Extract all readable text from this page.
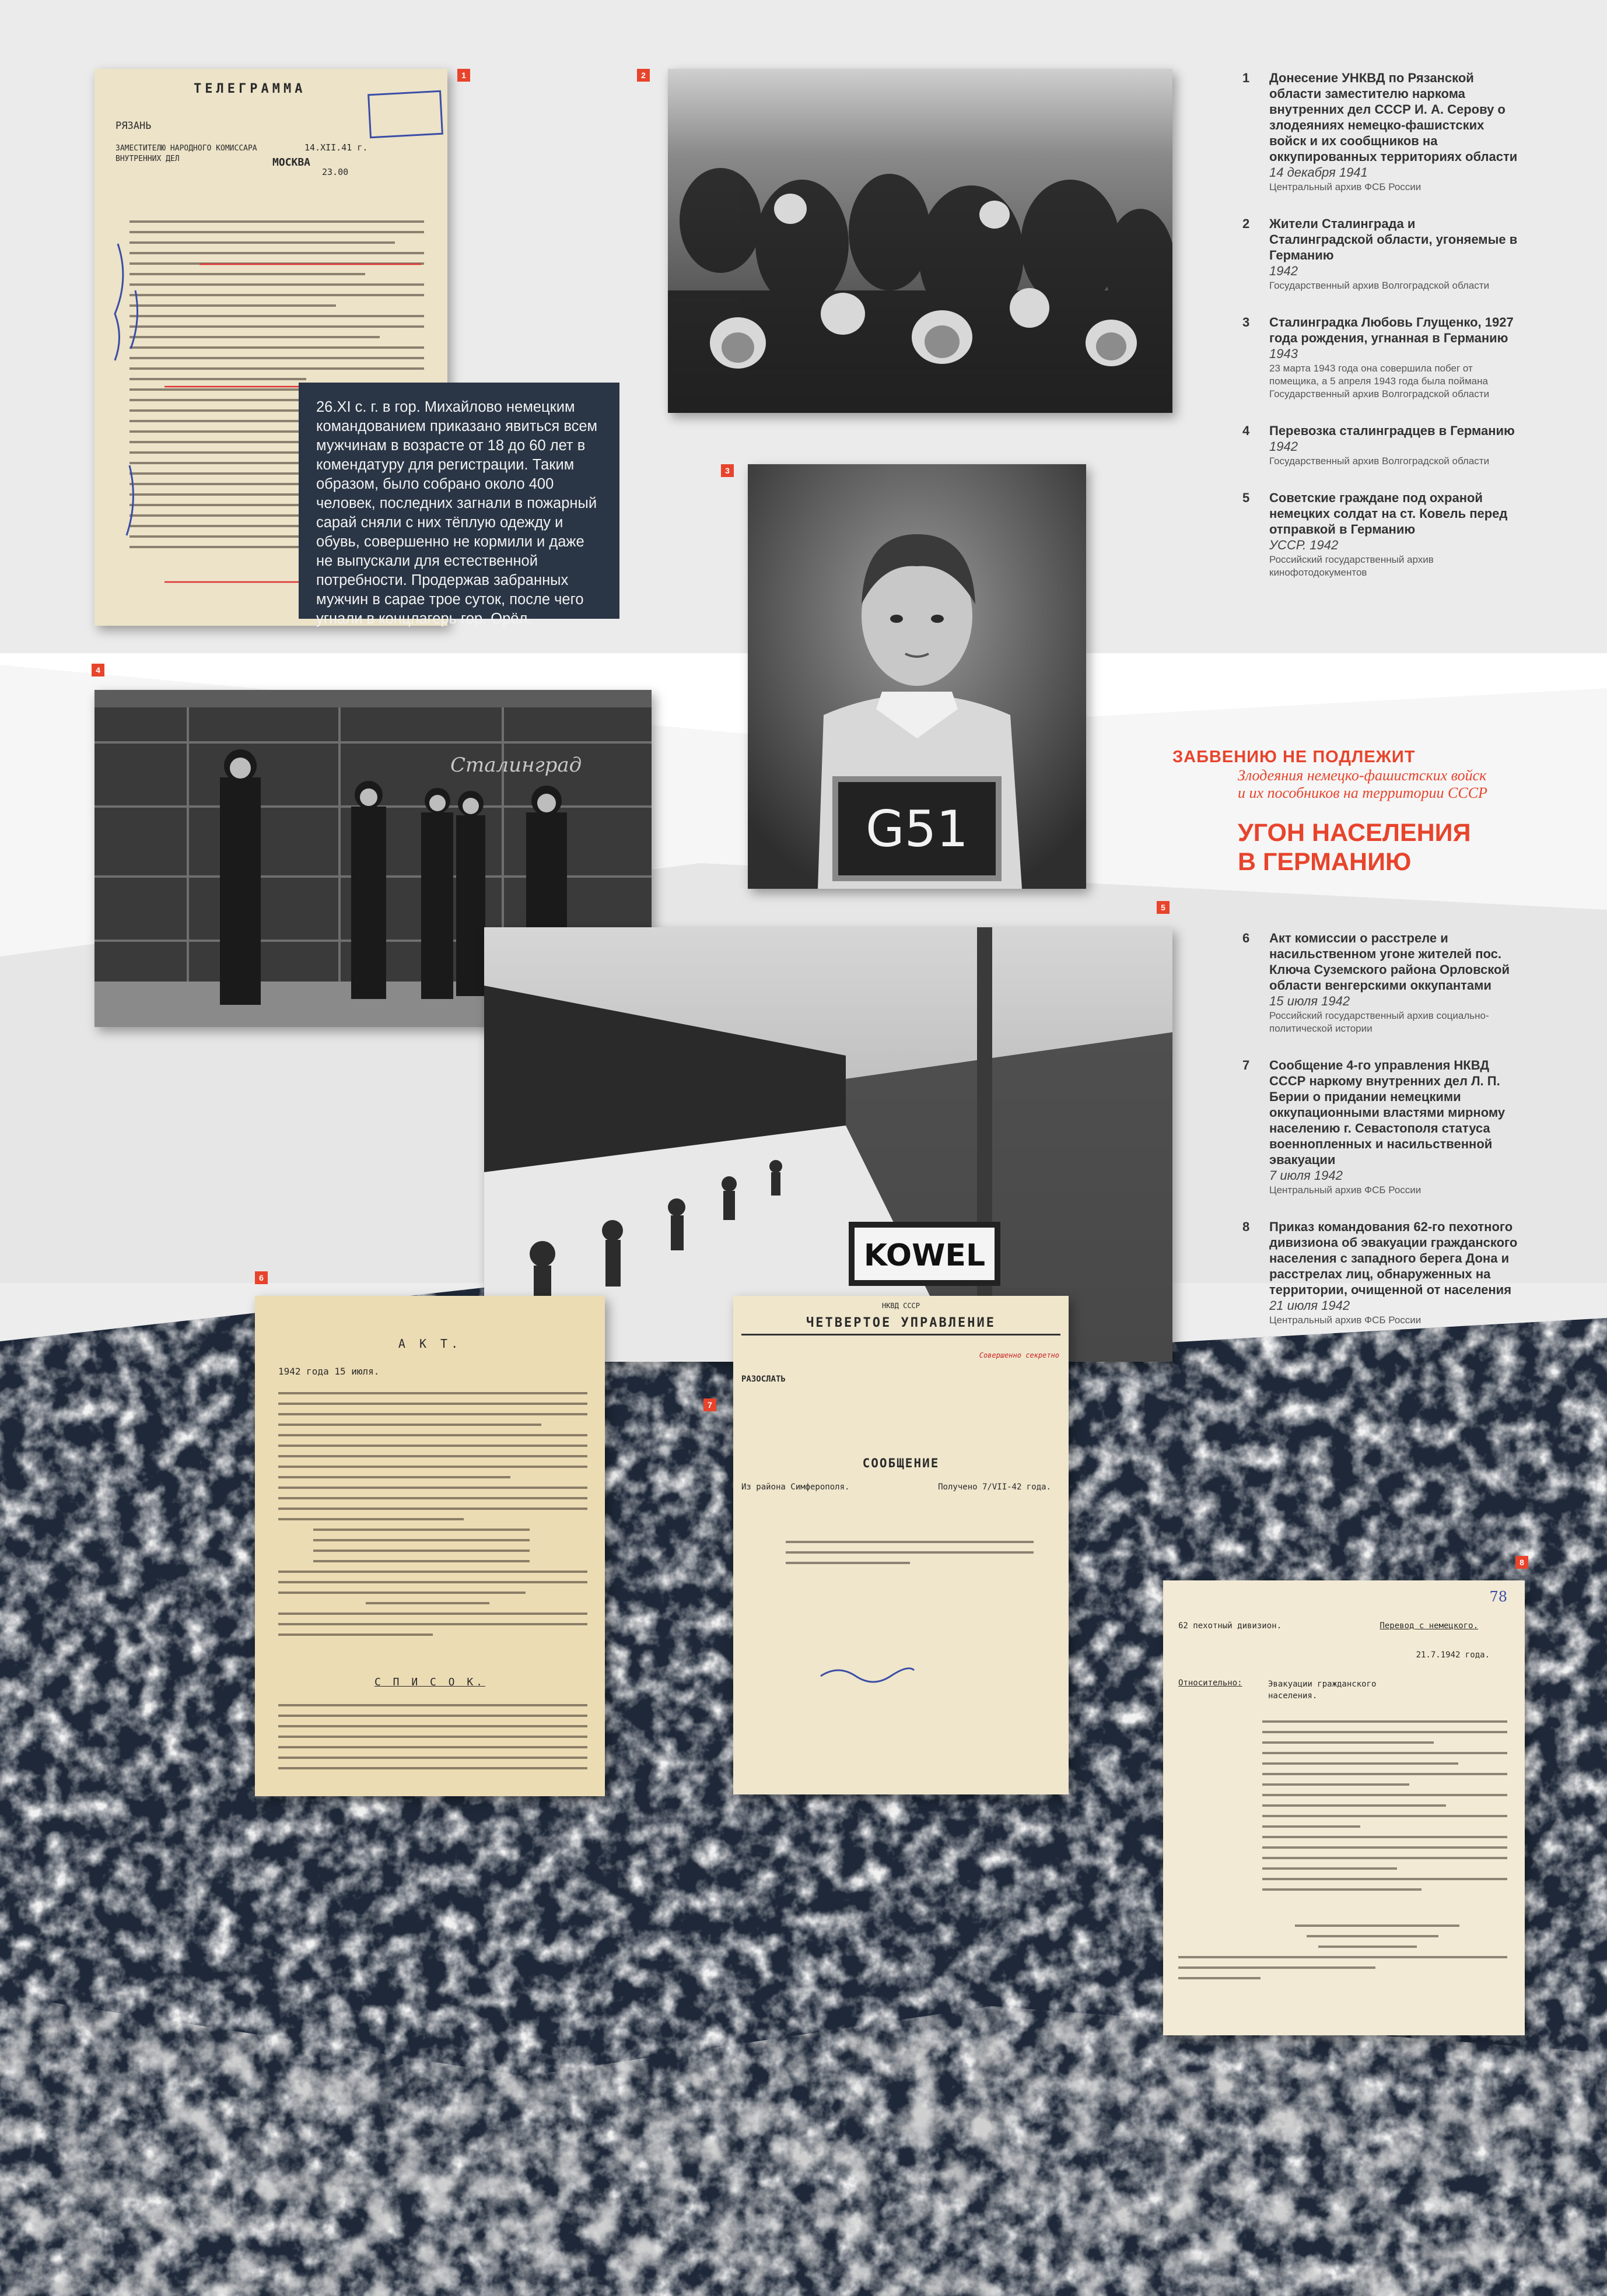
2	1	Донесение УНКВД по Рязанской области заместителю наркома внутренних дел СССР И. А. Серову о злодеяниях немецко-фашистских войск и их сообщников на оккупированных территориях области
14 декабря 1941
Центральный архив ФСБ России
2	Жители Сталинграда и Сталинградской области, угоняемые в Германию
1942
Государственный архив Волгоградской области
3	Сталинградка Любовь Глущенко, 1927 года рождения, угнанная в Германию
1943
23 марта 1943 года она совершила побег от помещика, а 5 апреля 1943 года была поймана
Государственный архив Волгоградской области
4	Перевозка сталинградцев в Германию
1942
Государственный архив Волгоградской области
5	Советские граждане под охраной немецких солдат на ст. Ковель перед отправкой в Германию
УССР. 1942
Российский государственный архив кинофотодокументов
ТЕЛЕГРАММА
РЯЗАНЬ
МОСКВА
14.XII.41 г.
23.00
ЗАМЕСТИТЕЛЮ НАРОДНОГО КОМИССАРА ВНУТРЕННИХ ДЕЛ
1
26.XI с. г. в гор. Михайлово немецким командованием приказано явиться всем мужчинам в возрасте от 18 до 60 лет в комендатуру для регистрации. Таким образом, было собрано около 400 человек, последних загнали в пожарный сарай сняли с них тёплую одежду и обувь, совершенно не кормили и даже не выпускали для естественной потребности. Продержав забранных мужчин в сарае трое суток, после чего угнали в концлагерь гор. Орёл.
G51
3
ЗАБВЕНИЮ НЕ ПОДЛЕЖИТ
Злодеяния немецко-фашистских войск
и их пособников на территории СССР
УГОН НАСЕЛЕНИЯ
В ГЕРМАНИЮ
Сталинград
4
KOWEL
5
6	Акт комиссии о расстреле и насильственном угоне жителей пос. Ключа Суземского района Орловской области венгерскими оккупантами
15 июля 1942
Российский государственный архив социально-политической истории
7	Сообщение 4-го управления НКВД СССР наркому внутренних дел Л. П. Берии о придании немецкими оккупационными властями мирному населению г. Севастополя статуса военнопленных и насильственной эвакуации
7 июля 1942
Центральный архив ФСБ России
8	Приказ командования 62-го пехотного дивизиона об эвакуации гражданского населения с западного берега Дона и расстрелах лиц, обнаруженных на территории, очищенной от населения
21 июля 1942
Центральный архив ФСБ России
А К Т.
1942 года 15 июля.
С П И С О К.
6
НКВД СССР
ЧЕТВЕРТОЕ УПРАВЛЕНИЕ
Совершенно секретно
РАЗОСЛАТЬ
СООБЩЕНИЕ
Из района Симферополя.	Получено 7/VII-42 года.
7
78
62 пехотный дивизион.	Перевод с немецкого.
21.7.1942 года.
Относительно:	Эвакуации гражданского населения.
8
